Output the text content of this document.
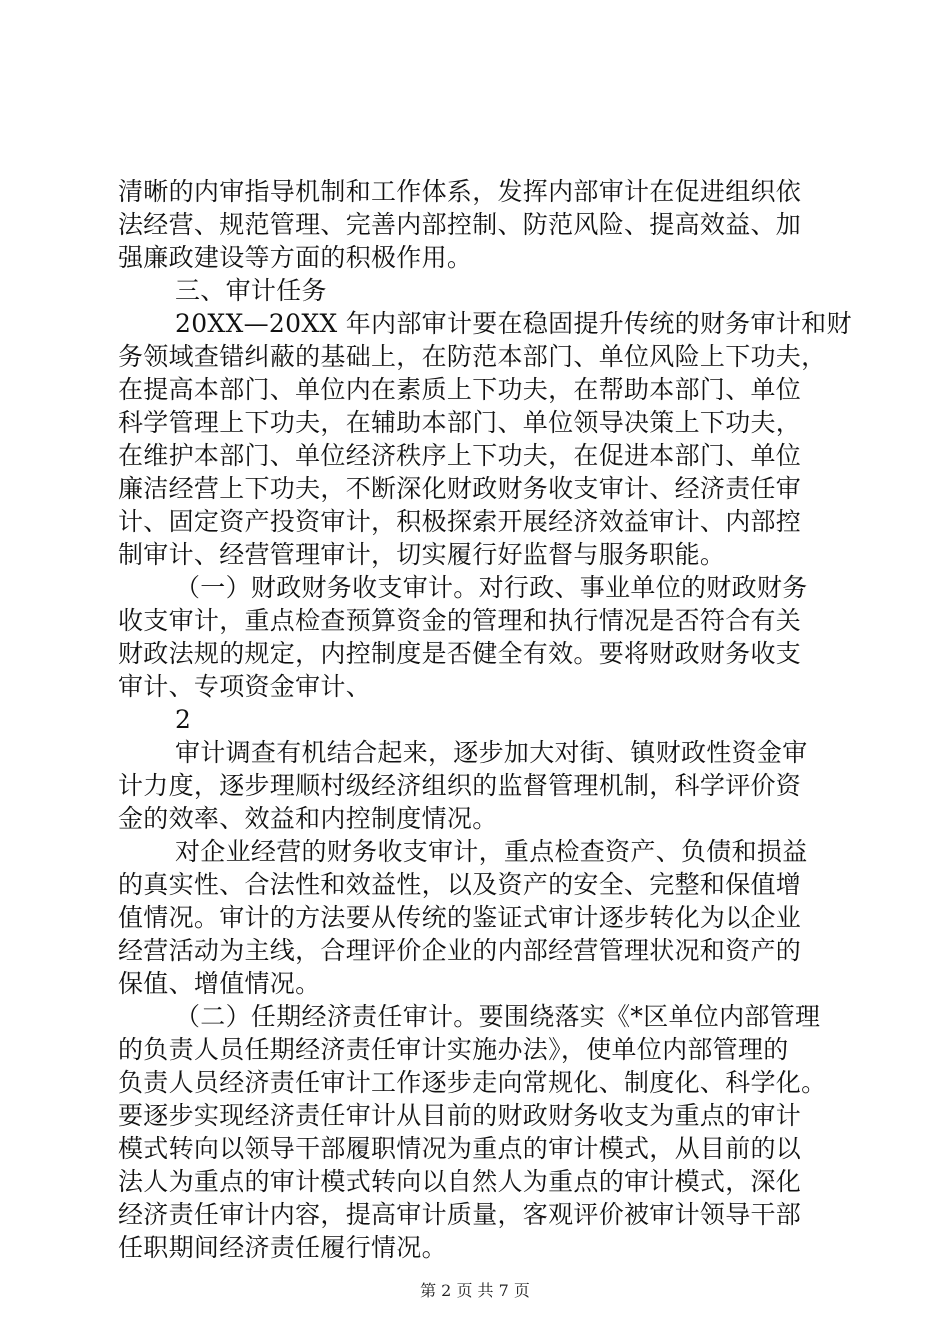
清晰的内审指导机制和工作体系，发挥内部审计在促进组织依
法经营、规范管理、完善内部控制、防范风险、提高效益、加
强廉政建设等方面的积极作用。
三、审计任务
20XX—20XX 年内部审计要在稳固提升传统的财务审计和财
务领域查错纠蔽的基础上，在防范本部门、单位风险上下功夫，
在提高本部门、单位内在素质上下功夫，在帮助本部门、单位
科学管理上下功夫，在辅助本部门、单位领导决策上下功夫，
在维护本部门、单位经济秩序上下功夫，在促进本部门、单位
廉洁经营上下功夫，不断深化财政财务收支审计、经济责任审
计、固定资产投资审计，积极探索开展经济效益审计、内部控
制审计、经营管理审计，切实履行好监督与服务职能。
（一）财政财务收支审计。对行政、事业单位的财政财务
收支审计，重点检查预算资金的管理和执行情况是否符合有关
财政法规的规定，内控制度是否健全有效。要将财政财务收支
审计、专项资金审计、
2
审计调查有机结合起来，逐步加大对街、镇财政性资金审
计力度，逐步理顺村级经济组织的监督管理机制，科学评价资
金的效率、效益和内控制度情况。
对企业经营的财务收支审计，重点检查资产、负债和损益
的真实性、合法性和效益性，以及资产的安全、完整和保值增
值情况。审计的方法要从传统的鉴证式审计逐步转化为以企业
经营活动为主线，合理评价企业的内部经营管理状况和资产的
保值、增值情况。
（二）任期经济责任审计。要围绕落实《*区单位内部管理
的负责人员任期经济责任审计实施办法》，使单位内部管理的
负责人员经济责任审计工作逐步走向常规化、制度化、科学化。
要逐步实现经济责任审计从目前的财政财务收支为重点的审计
模式转向以领导干部履职情况为重点的审计模式，从目前的以
法人为重点的审计模式转向以自然人为重点的审计模式，深化
经济责任审计内容，提高审计质量，客观评价被审计领导干部
任职期间经济责任履行情况。
第 2 页 共 7 页
